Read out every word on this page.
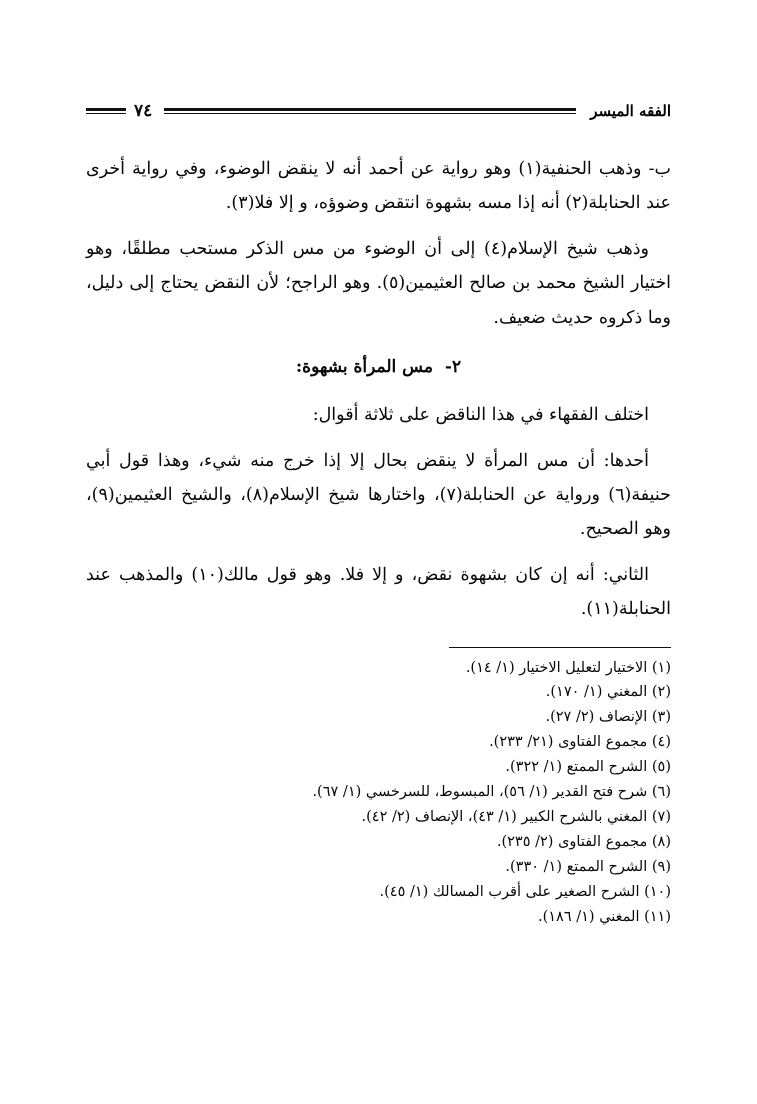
الفقه الميسر
٧٤

ب- وذهب الحنفية(١) وهو رواية عن أحمد أنه لا ينقض الوضوء، وفي رواية أخرى عند الحنابلة(٢) أنه إذا مسه بشهوة انتقض وضوؤه، و إلا فلا(٣).

وذهب شيخ الإسلام(٤) إلى أن الوضوء من مس الذكر مستحب مطلقًا، وهو اختيار الشيخ محمد بن صالح العثيمين(٥). وهو الراجح؛ لأن النقض يحتاج إلى دليل، وما ذكروه حديث ضعيف.

٢- مس المرأة بشهوة:

اختلف الفقهاء في هذا الناقض على ثلاثة أقوال:

أحدها: أن مس المرأة لا ينقض بحال إلا إذا خرج منه شيء، وهذا قول أبي حنيفة(٦) ورواية عن الحنابلة(٧)، واختارها شيخ الإسلام(٨)، والشيخ العثيمين(٩)، وهو الصحيح.

الثاني: أنه إن كان بشهوة نقض، و إلا فلا. وهو قول مالك(١٠) والمذهب عند الحنابلة(١١).

(١) الاختيار لتعليل الاختيار (١/ ١٤).

(٢) المغني (١/ ١٧٠).

(٣) الإنصاف (٢/ ٢٧).

(٤) مجموع الفتاوى (٢١/ ٢٣٣).

(٥) الشرح الممتع (١/ ٣٢٢).

(٦) شرح فتح القدير (١/ ٥٦)، المبسوط، للسرخسي (١/ ٦٧).

(٧) المغني بالشرح الكبير (١/ ٤٣)، الإنصاف (٢/ ٤٢).

(٨) مجموع الفتاوى (٢/ ٢٣٥).

(٩) الشرح الممتع (١/ ٣٣٠).

(١٠) الشرح الصغير على أقرب المسالك (١/ ٤٥).

(١١) المغني (١/ ١٨٦).
